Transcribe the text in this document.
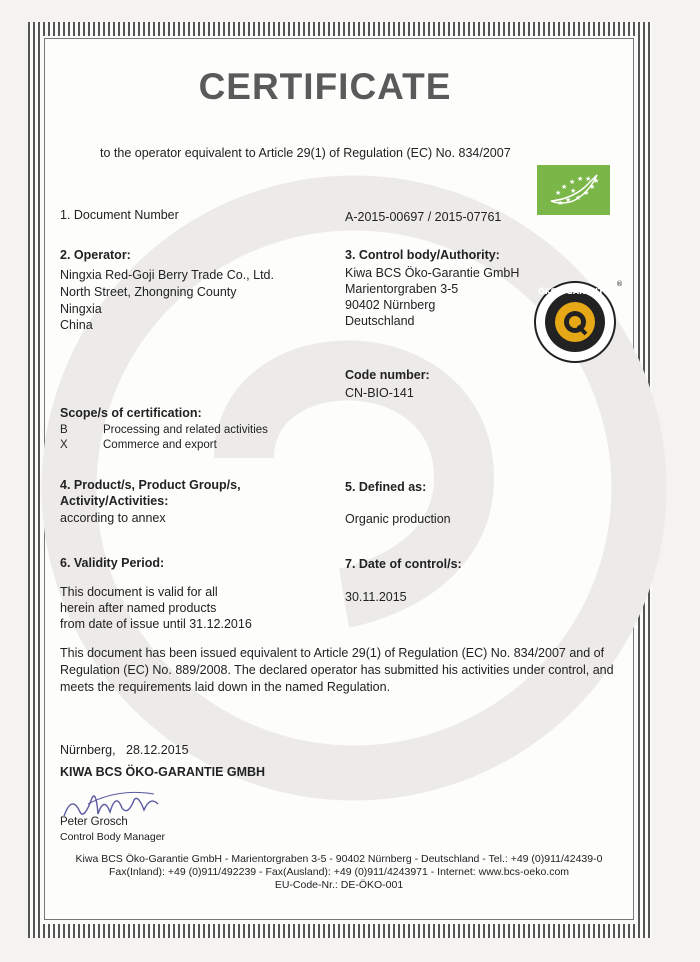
CERTIFICATE
to the operator equivalent to Article 29(1) of Regulation (EC) No. 834/2007
★
★
★ ★ ★
★ ★
★
★
★
★
★
ÖKO - GARANTIE
BCS
®
1. Document Number	A-2015-00697 / 2015-07761
2. Operator:
Ningxia Red-Goji Berry Trade Co., Ltd.
North Street, Zhongning County
Ningxia
China
3. Control body/Authority:
Kiwa BCS Öko-Garantie GmbH
Marientorgraben 3-5
90402 Nürnberg
Deutschland
Code number:
CN-BIO-141
Scope/s of certification:
B	Processing and related activities
X	Commerce and export
4. Product/s, Product Group/s,
Activity/Activities:
according to annex
5. Defined as:
Organic production
6. Validity Period:
This document is valid for all
herein after named products
from date of issue until 31.12.2016
7. Date of control/s:
30.11.2015
This document has been issued equivalent to Article 29(1) of Regulation (EC) No. 834/2007 and of Regulation (EC) No. 889/2008. The declared operator has submitted his activities under control, and meets the requirements laid down in the named Regulation.
Nürnberg,   28.12.2015
KIWA BCS ÖKO-GARANTIE GMBH
Peter Grosch
Control Body Manager
Kiwa BCS Öko-Garantie GmbH - Marientorgraben 3-5 - 90402 Nürnberg - Deutschland - Tel.: +49 (0)911/42439-0
Fax(Inland): +49 (0)911/492239 - Fax(Ausland): +49 (0)911/4243971 - Internet: www.bcs-oeko.com
EU-Code-Nr.: DE-ÖKO-001
